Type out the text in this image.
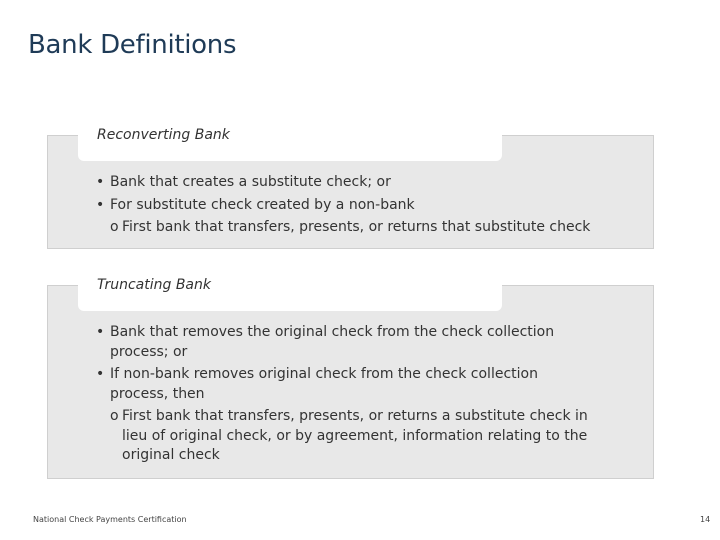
Bank Definitions
Reconverting Bank

• Bank that creates a substitute check; or

• For substitute check created by a non-bank

o First bank that transfers, presents, or returns that substitute check

Truncating Bank

• Bank that removes the original check from the check collection

process; or

• If non-bank removes original check from the check collection

process, then

o First bank that transfers, presents, or returns a substitute check in

lieu of original check, or by agreement, information relating to the

original check

National Check Payments Certification	14
